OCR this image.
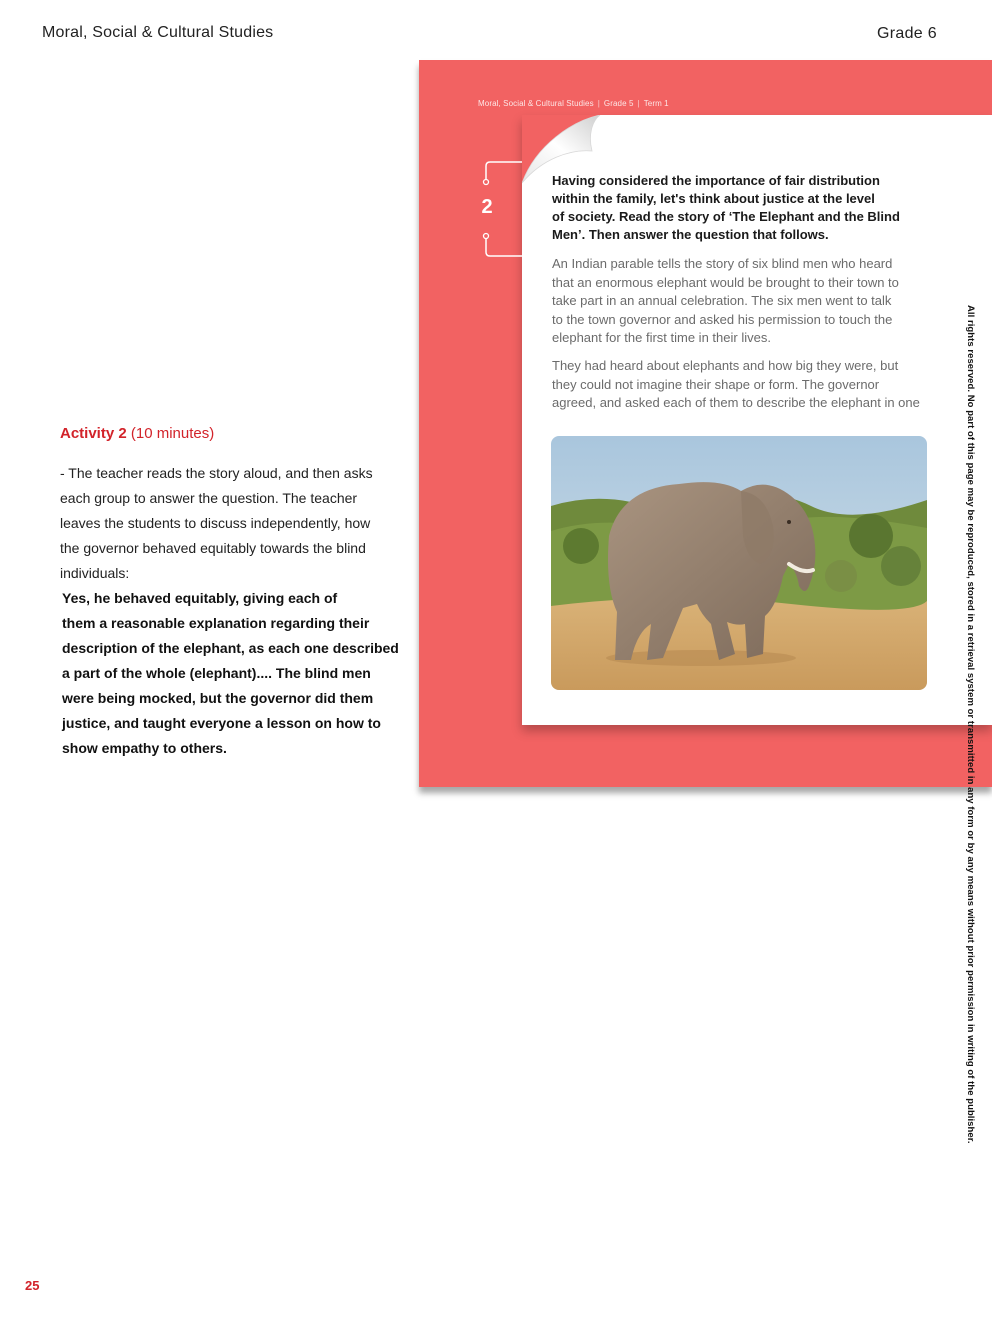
Moral, Social & Cultural Studies	Grade 6
Activity 2 (10 minutes)
- The teacher reads the story aloud, and then asks
each group to answer the question. The teacher
leaves the students to discuss independently, how
the governor behaved equitably towards the blind
individuals:
Yes, he behaved equitably, giving each of
them a reasonable explanation regarding their
description of the elephant, as each one described
a part of the whole (elephant).... The blind men
were being mocked, but the governor did them
justice, and taught everyone a lesson on how to
show empathy to others.
Moral, Social & Cultural Studies | Grade 5 | Term 1
2
Having considered the importance of fair distribution
within the family, let's think about justice at the level
of society. Read the story of ‘The Elephant and the Blind
Men’. Then answer the question that follows.
An Indian parable tells the story of six blind men who heard
that an enormous elephant would be brought to their town to
take part in an annual celebration. The six men went to talk
to the town governor and asked his permission to touch the
elephant for the first time in their lives.
They had heard about elephants and how big they were, but
they could not imagine their shape or form. The governor
agreed, and asked each of them to describe the elephant in one	All rights reserved. No part of this page may be reproduced, stored in a retrieval system or transmitted in any form or by any means without prior permission in writing of the publisher.
25
